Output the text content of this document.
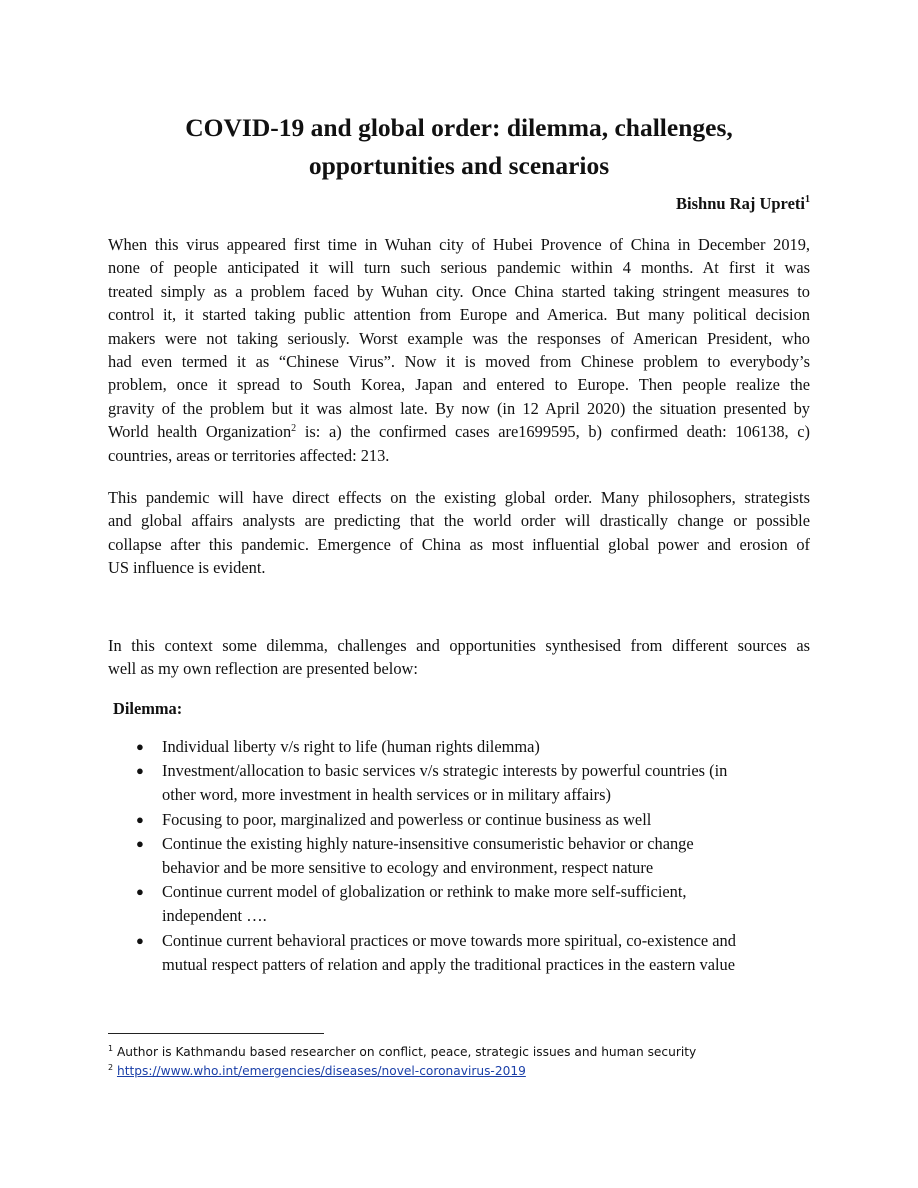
COVID-19 and global order: dilemma, challenges,
opportunities and scenarios
Bishnu Raj Upreti$^1$
When this virus appeared first time in Wuhan city of Hubei Provence of China in December 2019,
none of people anticipated it will turn such serious pandemic within 4 months. At first it was
treated simply as a problem faced by Wuhan city. Once China started taking stringent measures to
control it, it started taking public attention from Europe and America. But many political decision
makers were not taking seriously. Worst example was the responses of American President, who
had even termed it as “Chinese Virus”. Now it is moved from Chinese problem to everybody’s
problem, once it spread to South Korea, Japan and entered to Europe. Then people realize the
gravity of the problem but it was almost late. By now (in 12 April 2020) the situation presented by
World health Organization$^2$ is: a) the confirmed cases are1699595, b) confirmed death: 106138, c)
countries, areas or territories affected: 213.
This pandemic will have direct effects on the existing global order. Many philosophers, strategists
and global affairs analysts are predicting that the world order will drastically change or possible
collapse after this pandemic. Emergence of China as most influential global power and erosion of
US influence is evident.
In this context some dilemma, challenges and opportunities synthesised from different sources as
well as my own reflection are presented below:
Dilemma:
● Individual liberty v/s right to life (human rights dilemma)
● Investment/allocation to basic services v/s strategic interests by powerful countries (in
other word, more investment in health services or in military affairs)
● Focusing to poor, marginalized and powerless or continue business as well
● Continue the existing highly nature-insensitive consumeristic behavior or change
behavior and be more sensitive to ecology and environment, respect nature
● Continue current model of globalization or rethink to make more self-sufficient,
independent ….
● Continue current behavioral practices or move towards more spiritual, co-existence and
mutual respect patters of relation and apply the traditional practices in the eastern value
$^1$ Author is Kathmandu based researcher on conflict, peace, strategic issues and human security
$^2$ https://www.who.int/emergencies/diseases/novel-coronavirus-2019
